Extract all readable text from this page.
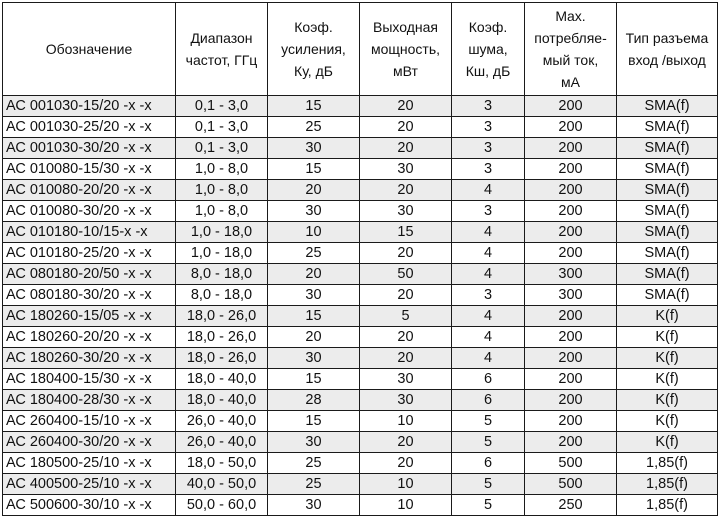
Обозначение	Диапазон
частот, ГГц	Коэф.
усиления,
Ку, дБ	Выходная
мощность,
мВт	Коэф.
шума,
Кш, дБ	Max.
потребляе-
мый ток,
мА	Тип разъема
вход /выход

АС 001030-15/20 -x -x	0,1 - 3,0	15	20	3	200	SMA(f)
АС 001030-25/20 -x -x	0,1 - 3,0	25	20	3	200	SMA(f)
АС 001030-30/20 -x -x	0,1 - 3,0	30	20	3	200	SMA(f)
АС 010080-15/30 -x -x	1,0 - 8,0	15	30	3	200	SMA(f)
АС 010080-20/20 -x -x	1,0 - 8,0	20	20	4	200	SMA(f)
АС 010080-30/20 -x -x	1,0 - 8,0	30	30	3	200	SMA(f)
АС 010180-10/15-x -x	1,0 - 18,0	10	15	4	200	SMA(f)
АС 010180-25/20 -x -x	1,0 - 18,0	25	20	4	200	SMA(f)
АС 080180-20/50 -x -x	8,0 - 18,0	20	50	4	300	SMA(f)
АС 080180-30/20 -x -x	8,0 - 18,0	30	20	3	300	SMA(f)
АС 180260-15/05 -x -x	18,0 - 26,0	15	5	4	200	K(f)
АС 180260-20/20 -x -x	18,0 - 26,0	20	20	4	200	K(f)
АС 180260-30/20 -x -x	18,0 - 26,0	30	20	4	200	K(f)
АС 180400-15/30 -x -x	18,0 - 40,0	15	30	6	200	K(f)
АС 180400-28/30 -x -x	18,0 - 40,0	28	30	6	200	K(f)
АС 260400-15/10 -x -x	26,0 - 40,0	15	10	5	200	K(f)
АС 260400-30/20 -x -x	26,0 - 40,0	30	20	5	200	K(f)
АС 180500-25/10 -x -x	18,0 - 50,0	25	20	6	500	1,85(f)
АС 400500-25/10 -x -x	40,0 - 50,0	25	10	5	500	1,85(f)
АС 500600-30/10 -x -x	50,0 - 60,0	30	10	5	250	1,85(f)
